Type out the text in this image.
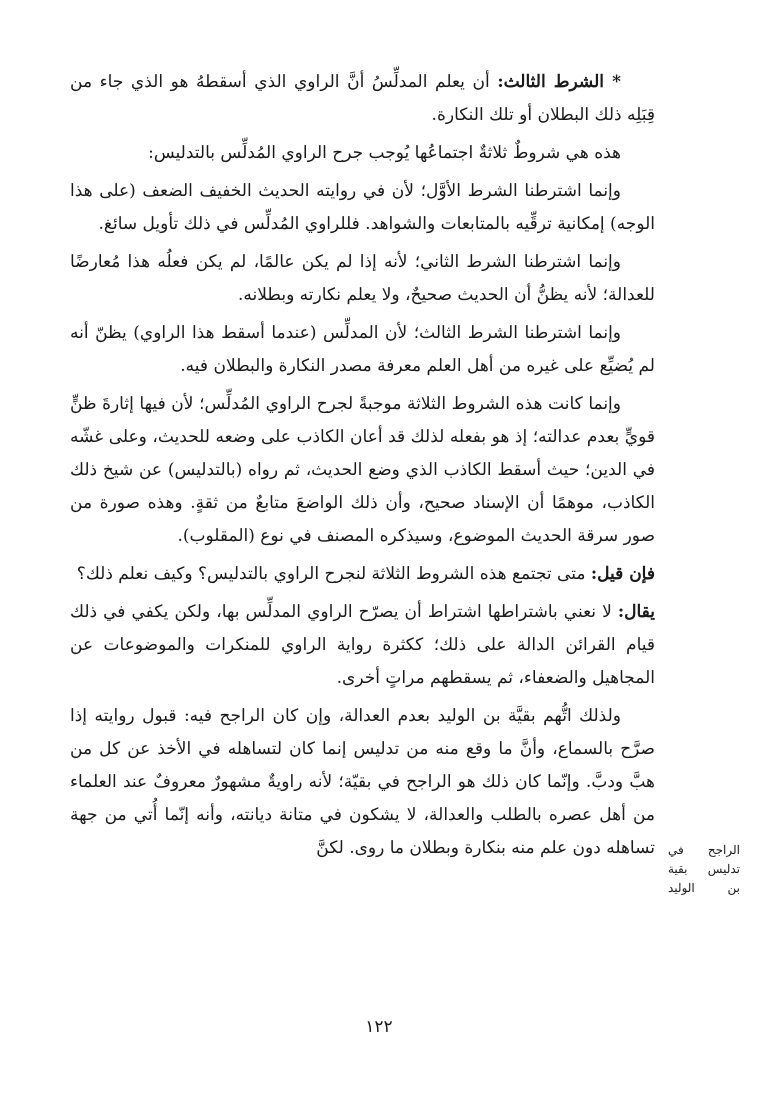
* الشرط الثالث: أن يعلم المدلِّسُ أنَّ الراوي الذي أسقطهُ هو الذي جاء من قِبَلِه ذلك البطلان أو تلك النكارة.

هذه هي شروطٌ ثلاثةٌ اجتماعُها يُوجب جرح الراوي المُدلِّس بالتدليس:

وإنما اشترطنا الشرط الأوَّل؛ لأن في روايته الحديث الخفيف الضعف (على هذا الوجه) إمكانية ترقِّيه بالمتابعات والشواهد. فللراوي المُدلِّس في ذلك تأويل سائغ.

وإنما اشترطنا الشرط الثاني؛ لأنه إذا لم يكن عالمًا، لم يكن فعلُه هذا مُعارضًا للعدالة؛ لأنه يظنُّ أن الحديث صحيحٌ، ولا يعلم نكارته وبطلانه.

وإنما اشترطنا الشرط الثالث؛ لأن المدلِّس (عندما أسقط هذا الراوي) يظنّ أنه لم يُضيِّع على غيره من أهل العلم معرفة مصدر النكارة والبطلان فيه.

وإنما كانت هذه الشروط الثلاثة موجبةً لجرح الراوي المُدلِّس؛ لأن فيها إثارةَ ظنٍّ قويٍّ بعدم عدالته؛ إذ هو بفعله لذلك قد أعان الكاذب على وضعه للحديث، وعلى غشّه في الدين؛ حيث أسقط الكاذب الذي وضع الحديث، ثم رواه (بالتدليس) عن شيخ ذلك الكاذب، موهمًا أن الإسناد صحيح، وأن ذلك الواضعَ متابعٌ من ثقةٍ. وهذه صورة من صور سرقة الحديث الموضوع، وسيذكره المصنف في نوع (المقلوب).

فإن قيل: متى تجتمع هذه الشروط الثلاثة لنجرح الراوي بالتدليس؟ وكيف نعلم ذلك؟

يقال: لا نعني باشتراطها اشتراط أن يصرّح الراوي المدلِّس بها، ولكن يكفي في ذلك قيام القرائن الدالة على ذلك؛ ككثرة رواية الراوي للمنكرات والموضوعات عن المجاهيل والضعفاء، ثم يسقطهم مراتٍ أخرى.

ولذلك اتُّهم بقيَّة بن الوليد بعدم العدالة، وإن كان الراجح فيه: قبول روايته إذا صرَّح بالسماع، وأنَّ ما وقع منه من تدليس إنما كان لتساهله في الأخذ عن كل من هبَّ ودبَّ. وإنّما كان ذلك هو الراجح في بقيّة؛ لأنه راويةٌ مشهورٌ معروفٌ عند العلماء من أهل عصره بالطلب والعدالة، لا يشكون في متانة ديانته، وأنه إنّما أُتي من جهة تساهله دون علم منه بنكارة وبطلان ما روى. لكنَّ الراجح في
تدليس بقية
بن الوليد
١٢٢
